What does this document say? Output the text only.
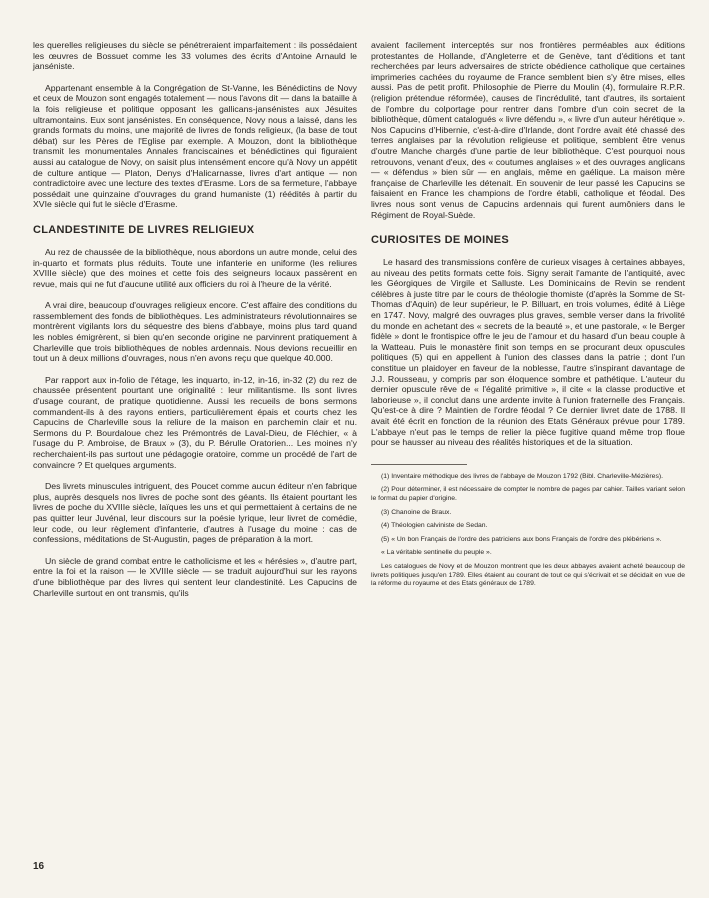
les querelles religieuses du siècle se pénétreraient imparfaitement : ils possédaient les œuvres de Bossuet comme les 33 volumes des écrits d'Antoine Arnauld le janséniste.

Appartenant ensemble à la Congrégation de St-Vanne, les Bénédictins de Novy et ceux de Mouzon sont engagés totalement — nous l'avons dit — dans la bataille à la fois religieuse et politique opposant les gallicans-jansénistes aux Jésuites ultramontains. Eux sont jansénistes. En conséquence, Novy nous a laissé, dans les grands formats du moins, une majorité de livres de fonds religieux, (la base de tout débat) sur les Pères de l'Eglise par exemple. A Mouzon, dont la bibliothèque transmit les monumentales Annales franciscaines et bénédictines qui figuraient aussi au catalogue de Novy, on saisit plus intensément encore qu'à Novy un appétit de culture antique — Platon, Denys d'Halicarnasse, livres d'art antique — non contradictoire avec une lecture des textes d'Erasme. Lors de sa fermeture, l'abbaye possédait une quinzaine d'ouvrages du grand humaniste (1) réédités à partir du XVIe siècle qui fut le siècle d'Erasme.

CLANDESTINITE DE LIVRES RELIGIEUX

Au rez de chaussée de la bibliothèque, nous abordons un autre monde, celui des in-quarto et formats plus réduits. Toute une infanterie en uniforme (les reliures XVIIIe siècle) que des moines et cette fois des seigneurs locaux passèrent en revue, mais qui ne fut d'aucune utilité aux officiers du roi à l'heure de la vérité.

A vrai dire, beaucoup d'ouvrages religieux encore. C'est affaire des conditions du rassemblement des fonds de bibliothèques. Les administrateurs révolutionnaires se montrèrent vigilants lors du séquestre des biens d'abbaye, moins plus tard quand les nobles émigrèrent, si bien qu'en seconde origine ne parvinrent pratiquement à Charleville que trois bibliothèques de nobles ardennais. Nous devions recueillir en tout un à deux millions d'ouvrages, nous n'en avons reçu que quelque 40.000.

Par rapport aux in-folio de l'étage, les inquarto, in-12, in-16, in-32 (2) du rez de chaussée présentent pourtant une originalité : leur militantisme. Ils sont livres d'usage courant, de pratique quotidienne. Aussi les recueils de bons sermons commandent-ils à des rayons entiers, particulièrement épais et courts chez les Capucins de Charleville sous la reliure de la maison en parchemin clair et nu. Sermons du P. Bourdaloue chez les Prémontrés de Laval-Dieu, de Fléchier, « à l'usage du P. Ambroise, de Braux » (3), du P. Bérulle Oratorien... Les moines n'y recherchaient-ils pas surtout une pédagogie oratoire, comme un procédé de l'art de convaincre ? Et quelques arguments.

Des livrets minuscules intriguent, des Poucet comme aucun éditeur n'en fabrique plus, auprès desquels nos livres de poche sont des géants. Ils étaient pourtant les livres de poche du XVIIIe siècle, laïques les uns et qui permettaient à certains de ne pas quitter leur Juvénal, leur discours sur la poésie lyrique, leur livret de comédie, leur code, ou leur règlement d'infanterie, d'autres à l'usage du moine : cas de confessions, méditations de St-Augustin, pages de préparation à la mort.

Un siècle de grand combat entre le catholicisme et les « hérésies », d'autre part, entre la foi et la raison — le XVIIIe siècle — se traduit aujourd'hui sur les rayons d'une bibliothèque par des livres qui sentent leur clandestinité. Les Capucins de Charleville surtout en ont transmis, qu'ils

avaient facilement interceptés sur nos frontières perméables aux éditions protestantes de Hollande, d'Angleterre et de Genève, tant d'éditions et tant recherchées par leurs adversaires de stricte obédience catholique que certaines imprimeries cachées du royaume de France semblent bien s'y être mises, elles aussi. Pas de petit profit. Philosophie de Pierre du Moulin (4), formulaire R.P.R. (religion prétendue réformée), causes de l'incrédulité, tant d'autres, ils sortaient de l'ombre du colportage pour rentrer dans l'ombre d'un coin secret de la bibliothèque, dûment catalogués « livre défendu », « livre d'un auteur hérétique ». Nos Capucins d'Hibernie, c'est-à-dire d'Irlande, dont l'ordre avait été chassé des terres anglaises par la révolution religieuse et politique, semblent être venus d'outre Manche chargés d'une partie de leur bibliothèque. C'est pourquoi nous retrouvons, venant d'eux, des « coutumes anglaises » et des ouvrages anglicans — « défendus » bien sûr — en anglais, même en gaélique. La maison mère française de Charleville les détenait. En souvenir de leur passé les Capucins se faisaient en France les champions de l'ordre établi, catholique et féodal. Des livres nous sont venus de Capucins ardennais qui furent aumôniers dans le Régiment de Royal-Suède.

CURIOSITES DE MOINES

Le hasard des transmissions confère de curieux visages à certaines abbayes, au niveau des petits formats cette fois. Signy serait l'amante de l'antiquité, avec les Géorgiques de Virgile et Salluste. Les Dominicains de Revin se rendent célèbres à juste titre par le cours de théologie thomiste (d'après la Somme de St-Thomas d'Aquin) de leur supérieur, le P. Billuart, en trois volumes, édité à Liège en 1747. Novy, malgré des ouvrages plus graves, semble verser dans la frivolité du monde en achetant des « secrets de la beauté », et une pastorale, « le Berger fidèle » dont le frontispice offre le jeu de l'amour et du hasard d'un beau couple à la Watteau. Puis le monastère finit son temps en se procurant deux opuscules politiques (5) qui en appellent à l'union des classes dans la patrie ; dont l'un constitue un plaidoyer en faveur de la noblesse, l'autre s'inspirant davantage de J.J. Rousseau, y compris par son éloquence sombre et pathétique. L'auteur du dernier opuscule rêve de « l'égalité primitive », il cite « la classe productive et laborieuse », il conclut dans une ardente invite à l'union fraternelle des Français. Qu'est-ce à dire ? Maintien de l'ordre féodal ? Ce dernier livret date de 1788. Il avait été écrit en fonction de la réunion des Etats Généraux prévue pour 1789. L'abbaye n'eut pas le temps de relier la pièce fugitive quand même trop floue pour se hausser au niveau des réalités historiques et de la situation.

(1) Inventaire méthodique des livres de l'abbaye de Mouzon 1792 (Bibl. Charleville-Mézières).
(2) Pour déterminer, il est nécessaire de compter le nombre de pages par cahier. Tailles variant selon le format du papier d'origine.
(3) Chanoine de Braux.
(4) Théologien calviniste de Sedan.
(5) « Un bon Français de l'ordre des patriciens aux bons Français de l'ordre des plébériens ».
« La véritable sentinelle du peuple ».
Les catalogues de Novy et de Mouzon montrent que les deux abbayes avaient acheté beaucoup de livrets politiques jusqu'en 1789. Elles étaient au courant de tout ce qui s'écrivait et se décidait en vue de la réforme du royaume et des Etats généraux de 1789.
16
